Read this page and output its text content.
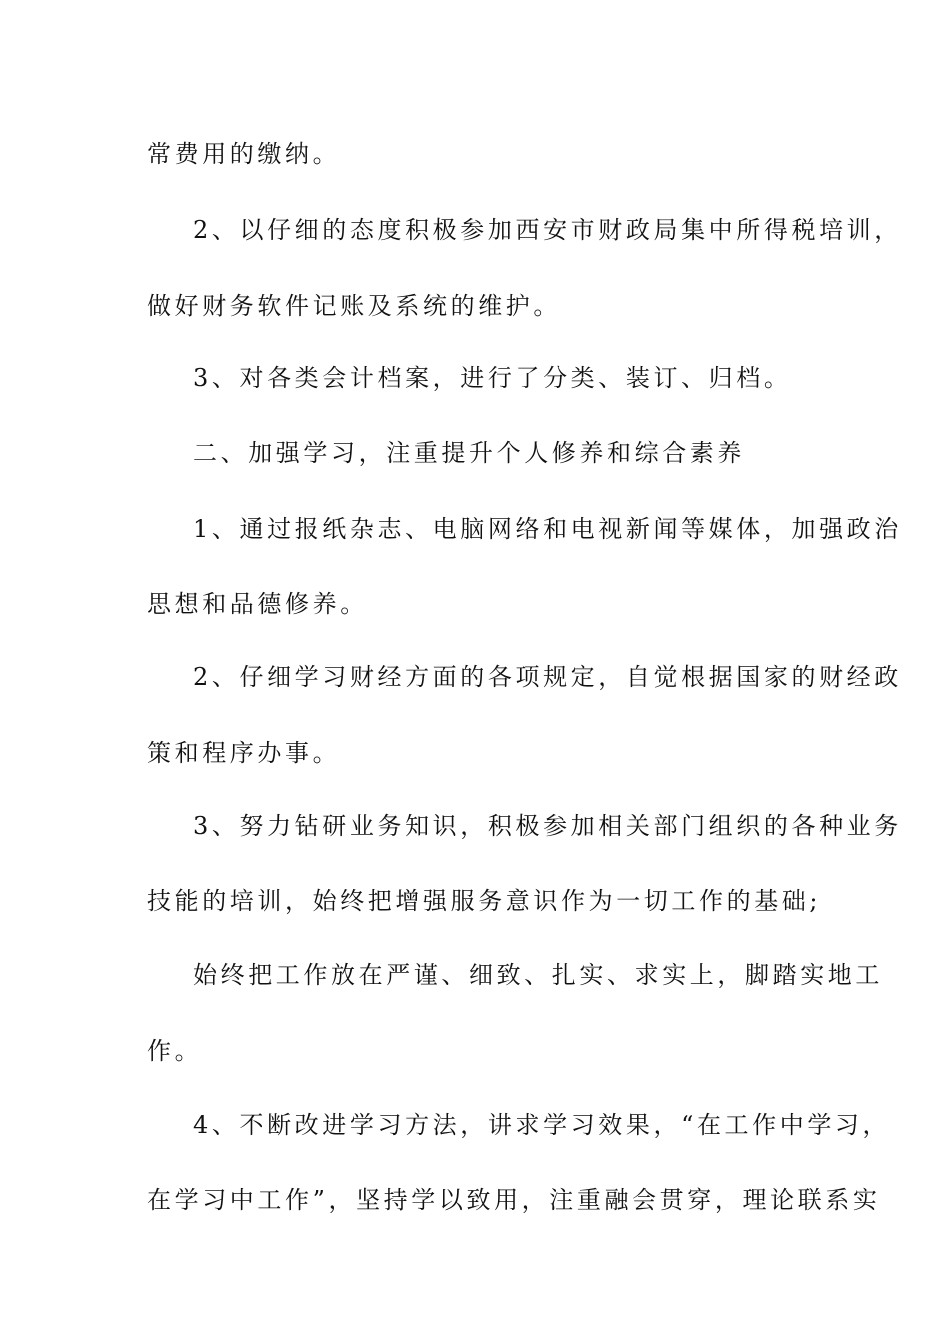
常费用的缴纳。
2、以仔细的态度积极参加西安市财政局集中所得税培训，
做好财务软件记账及系统的维护。
3、对各类会计档案，进行了分类、装订、归档。
二、加强学习，注重提升个人修养和综合素养
1、通过报纸杂志、电脑网络和电视新闻等媒体，加强政治
思想和品德修养。
2、仔细学习财经方面的各项规定，自觉根据国家的财经政
策和程序办事。
3、努力钻研业务知识，积极参加相关部门组织的各种业务
技能的培训，始终把增强服务意识作为一切工作的基础;
始终把工作放在严谨、细致、扎实、求实上，脚踏实地工
作。
4、不断改进学习方法，讲求学习效果，“在工作中学习，
在学习中工作”，坚持学以致用，注重融会贯穿，理论联系实
